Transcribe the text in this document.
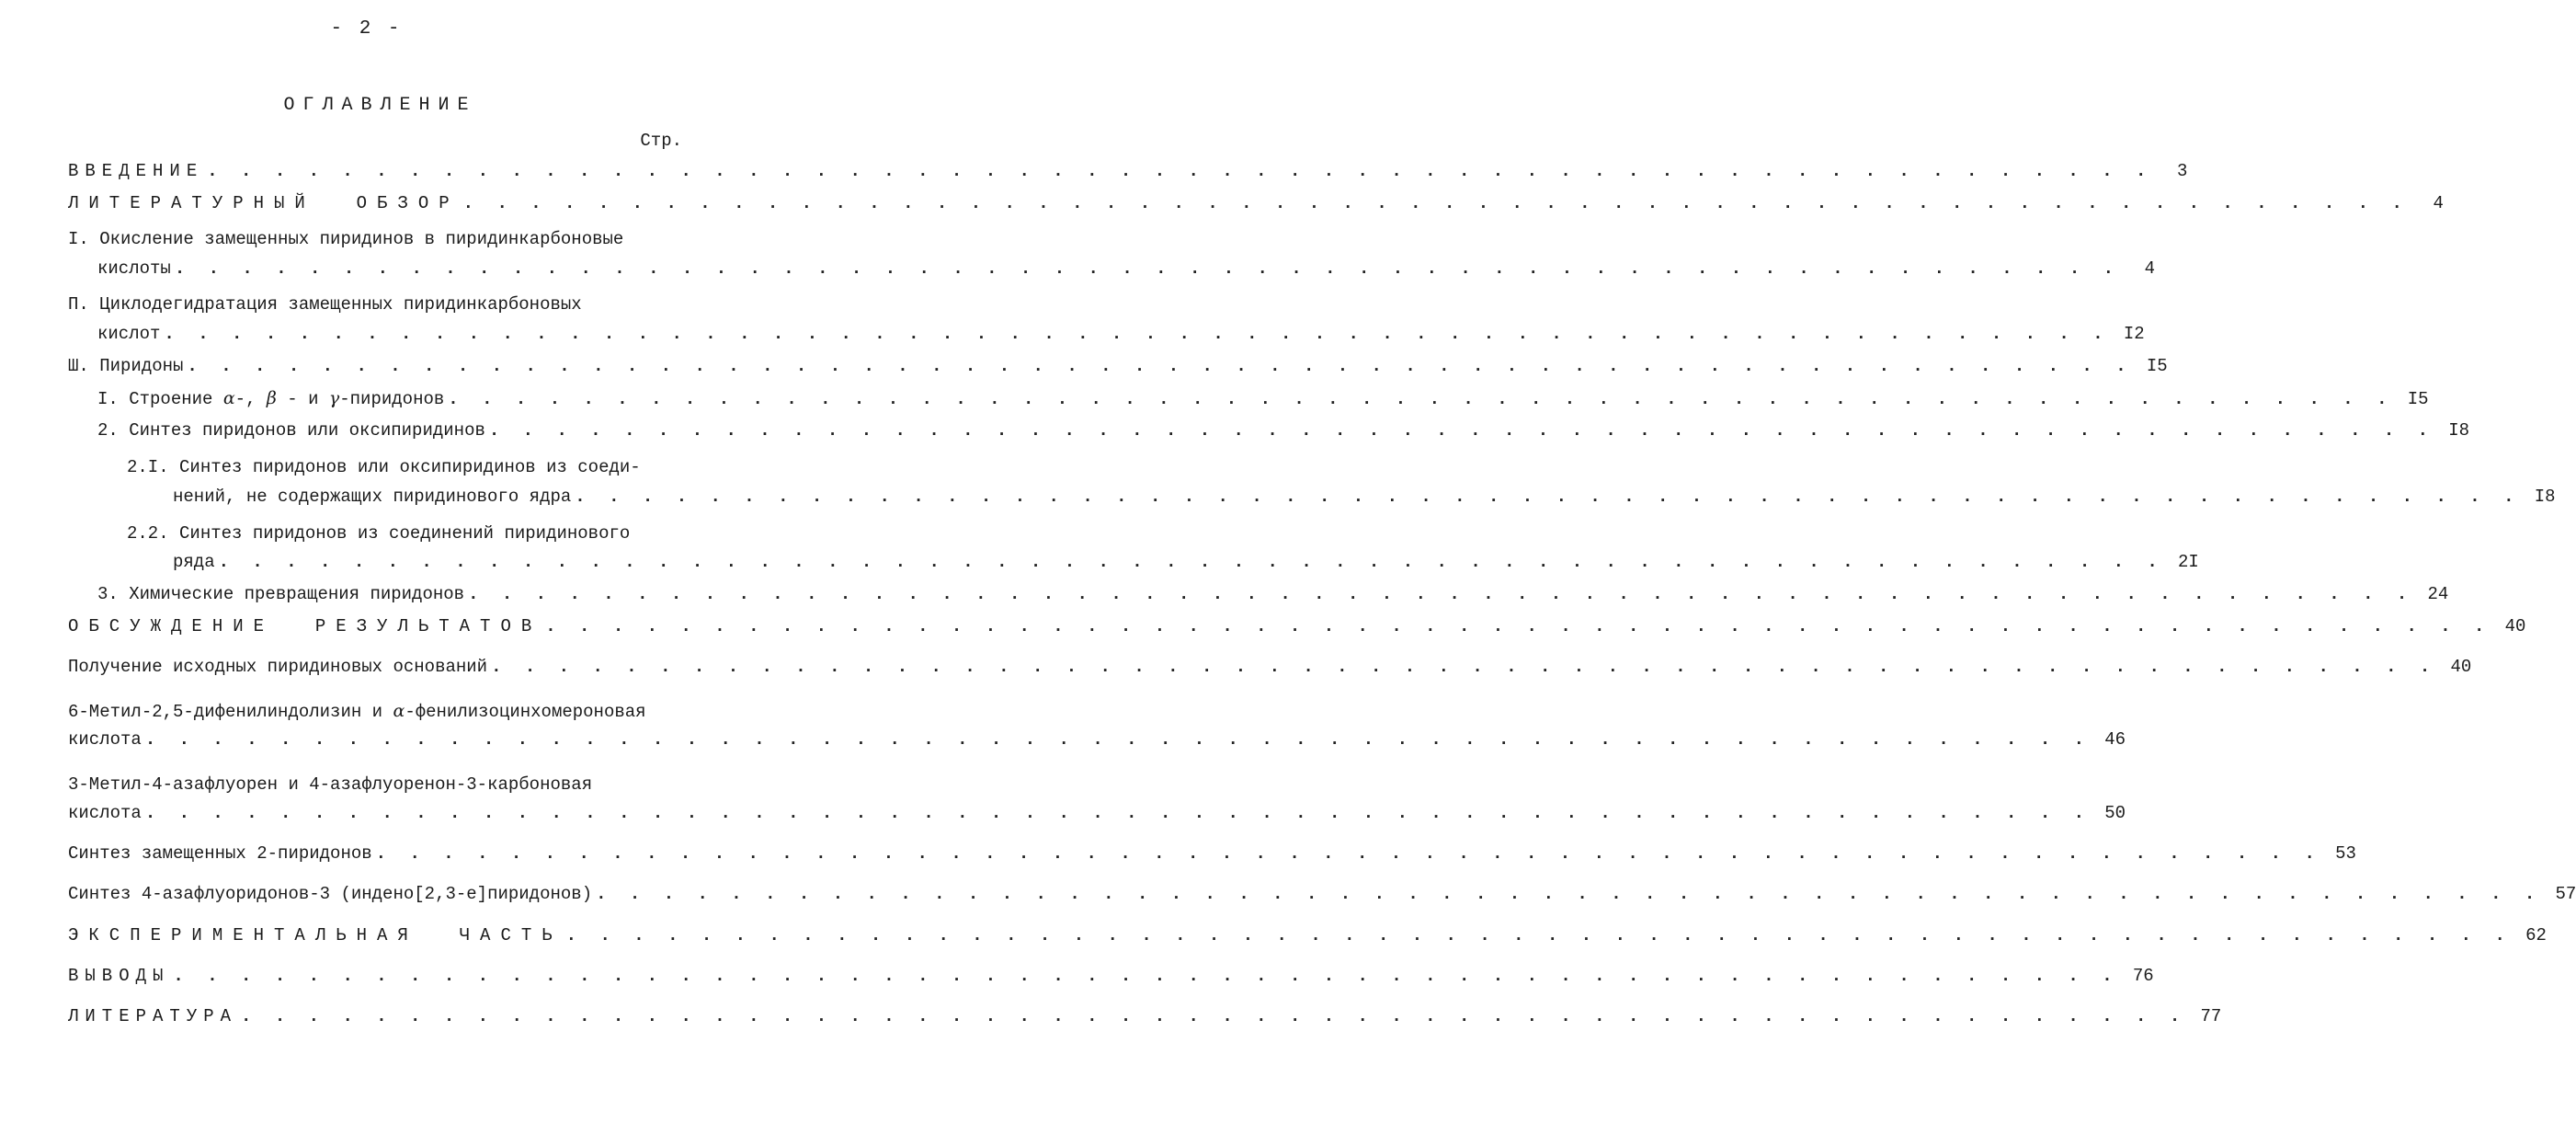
- 2 -
ОГЛАВЛЕНИЕ
Стр.
ВВЕДЕНИЕ . . . . . . . . . . . . . . . . . . . . . . . . . . . . . . . . . . . . . . . . . . . . . . . . . . . . . . . . . .	3
ЛИТЕРАТУРНЫЙ  ОБЗОР . . . . . . . . . . . . . . . . . . . . . . . . . . . . . . . . . . . . . . . . . . . . . . . . . . . . . . . . . .	4
I. Окисление замещенных пиридинов в пиридинкарбоновые
кислоты . . . . . . . . . . . . . . . . . . . . . . . . . . . . . . . . . . . . . . . . . . . . . . . . . . . . . . . . . .	4
П. Циклодегидратация замещенных пиридинкарбоновых
кислот . . . . . . . . . . . . . . . . . . . . . . . . . . . . . . . . . . . . . . . . . . . . . . . . . . . . . . . . . . I2
Ш. Пиридоны . . . . . . . . . . . . . . . . . . . . . . . . . . . . . . . . . . . . . . . . . . . . . . . . . . . . . . . . . . I5
I. Строение α-, β - и γ-пиридонов . . . . . . . . . . . . . . . . . . . . . . . . . . . . . . . . . . . . . . . . . . . . . . . . . . . . . . . . . . I5
2. Синтез пиридонов или оксипиридинов . . . . . . . . . . . . . . . . . . . . . . . . . . . . . . . . . . . . . . . . . . . . . . . . . . . . . . . . . . I8
2.I. Синтез пиридонов или оксипиридинов из соеди-
нений, не содержащих пиридинового ядра . . . . . . . . . . . . . . . . . . . . . . . . . . . . . . . . . . . . . . . . . . . . . . . . . . . . . . . . . . I8
2.2. Синтез пиридонов из соединений пиридинового
ряда . . . . . . . . . . . . . . . . . . . . . . . . . . . . . . . . . . . . . . . . . . . . . . . . . . . . . . . . . . 2I
3. Химические превращения пиридонов . . . . . . . . . . . . . . . . . . . . . . . . . . . . . . . . . . . . . . . . . . . . . . . . . . . . . . . . . . 24
ОБСУЖДЕНИЕ  РЕЗУЛЬТАТОВ . . . . . . . . . . . . . . . . . . . . . . . . . . . . . . . . . . . . . . . . . . . . . . . . . . . . . . . . . . 40
Получение исходных пиридиновых оснований . . . . . . . . . . . . . . . . . . . . . . . . . . . . . . . . . . . . . . . . . . . . . . . . . . . . . . . . . . 40
6-Метил-2,5-дифенилиндолизин и α-фенилизоцинхомероновая
кислота . . . . . . . . . . . . . . . . . . . . . . . . . . . . . . . . . . . . . . . . . . . . . . . . . . . . . . . . . . 46
3-Метил-4-азафлуорен и 4-азафлуоренон-3-карбоновая
кислота . . . . . . . . . . . . . . . . . . . . . . . . . . . . . . . . . . . . . . . . . . . . . . . . . . . . . . . . . . 50
Синтез замещенных 2-пиридонов . . . . . . . . . . . . . . . . . . . . . . . . . . . . . . . . . . . . . . . . . . . . . . . . . . . . . . . . . . 53
Синтез 4-азафлуоридонов-3 (индено[2,3-е]пиридонов) . . . . . . . . . . . . . . . . . . . . . . . . . . . . . . . . . . . . . . . . . . . . . . . . . . . . . . . . . . 57
ЭКСПЕРИМЕНТАЛЬНАЯ  ЧАСТЬ . . . . . . . . . . . . . . . . . . . . . . . . . . . . . . . . . . . . . . . . . . . . . . . . . . . . . . . . . . 62
ВЫВОДЫ . . . . . . . . . . . . . . . . . . . . . . . . . . . . . . . . . . . . . . . . . . . . . . . . . . . . . . . . . . 76
ЛИТЕРАТУРА . . . . . . . . . . . . . . . . . . . . . . . . . . . . . . . . . . . . . . . . . . . . . . . . . . . . . . . . . . 77
